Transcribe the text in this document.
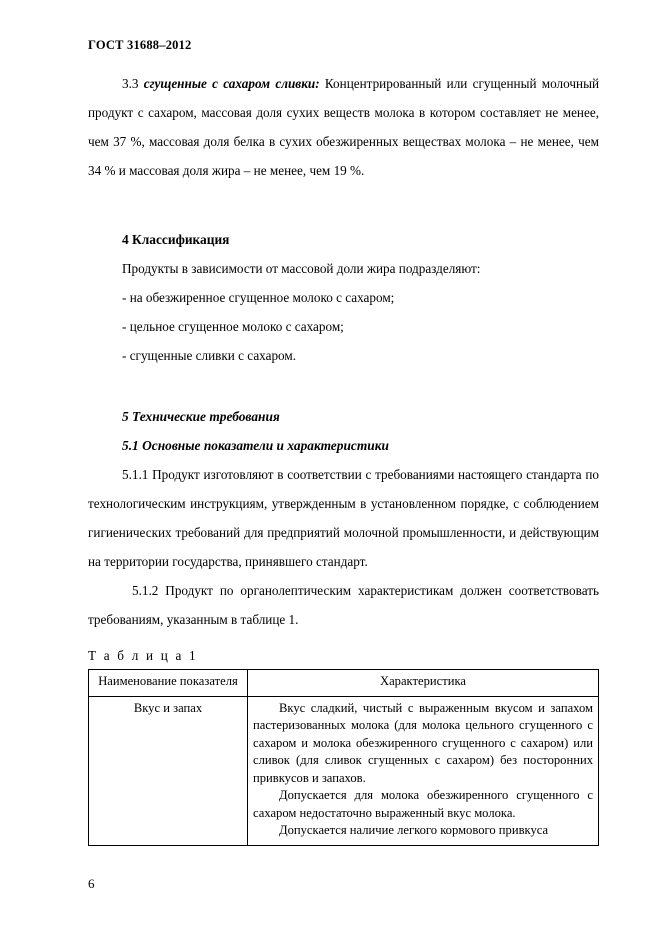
ГОСТ 31688–2012

3.3 сгущенные с сахаром сливки: Концентрированный или сгущенный молочный продукт с сахаром, массовая доля сухих веществ молока в котором составляет не менее, чем 37 %, массовая доля белка в сухих обезжиренных веществах молока – не менее, чем 34 % и массовая доля жира – не менее, чем 19 %.

4 Классификация

Продукты в зависимости от массовой доли жира подразделяют:

- на обезжиренное сгущенное молоко с сахаром;

- цельное сгущенное молоко с сахаром;

- сгущенные сливки с сахаром.

5 Технические требования

5.1 Основные показатели и характеристики

5.1.1 Продукт изготовляют в соответствии с требованиями настоящего стандарта по технологическим инструкциям, утвержденным в установленном порядке, с соблюдением гигиенических требований для предприятий молочной промышленности, и действующим на территории государства, принявшего стандарт.

5.1.2 Продукт по органолептическим характеристикам должен соответствовать требованиям, указанным в таблице 1.

Т а б л и ц а 1
Наименование показателя	Характеристика
Вкус и запах	Вкус сладкий, чистый с выраженным вкусом и запахом пастеризованных молока (для молока цельного сгущенного с сахаром и молока обезжиренного сгущенного с сахаром) или сливок (для сливок сгущенных с сахаром) без посторонних привкусов и запахов.

Допускается для молока обезжиренного сгущенного с сахаром недостаточно выраженный вкус молока.

Допускается наличие легкого кормового привкуса

6
